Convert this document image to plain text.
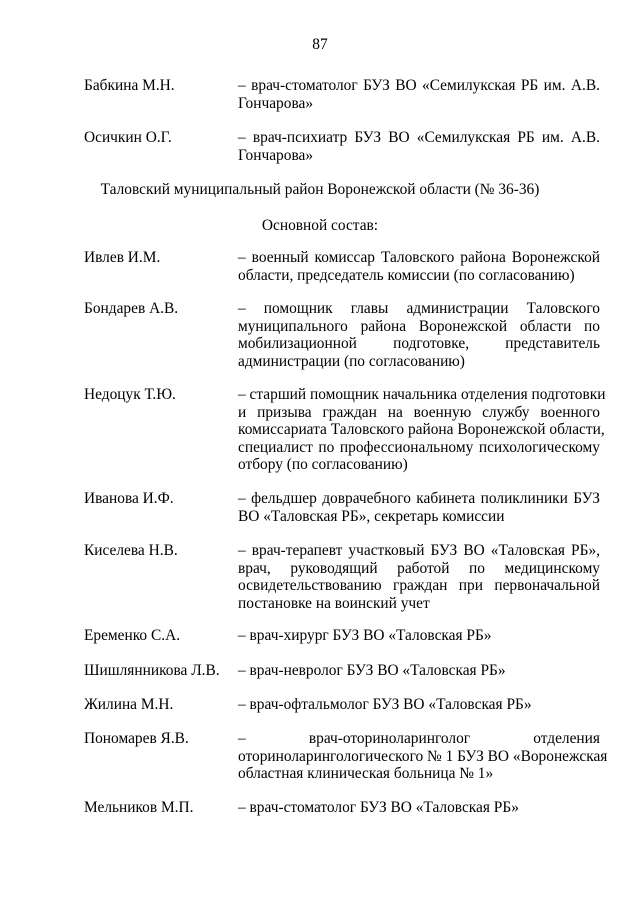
87
Бабкина М.Н.	– врач-стоматолог БУЗ ВО «Семилукская РБ им. А.В.
Гончарова»
Осичкин О.Г.	– врач-психиатр БУЗ ВО «Семилукская РБ им. А.В.
Гончарова»
Таловский муниципальный район Воронежской области (№ 36-36)
Основной состав:
Ивлев И.М.	– военный комиссар Таловского района Воронежской
области, председатель комиссии (по согласованию)
Бондарев А.В.	– помощник главы администрации Таловского
муниципального района Воронежской области по
мобилизационной подготовке, представитель
администрации (по согласованию)
Недоцук Т.Ю.	– старший помощник начальника отделения подготовки
и призыва граждан на военную службу военного
комиссариата Таловского района Воронежской области,
специалист по профессиональному психологическому
отбору (по согласованию)
Иванова И.Ф.	– фельдшер доврачебного кабинета поликлиники БУЗ
ВО «Таловская РБ», секретарь комиссии
Киселева Н.В.	– врач-терапевт участковый БУЗ ВО «Таловская РБ»,
врач, руководящий работой по медицинскому
освидетельствованию граждан при первоначальной
постановке на воинский учет
Еременко С.А.	– врач-хирург БУЗ ВО «Таловская РБ»
Шишлянникова Л.В. – врач-невролог БУЗ ВО «Таловская РБ»
Жилина М.Н.	– врач-офтальмолог БУЗ ВО «Таловская РБ»
Пономарев Я.В.	– врач-оториноларинголог отделения
оториноларингологического № 1 БУЗ ВО «Воронежская
областная клиническая больница № 1»
Мельников М.П.	– врач-стоматолог БУЗ ВО «Таловская РБ»
